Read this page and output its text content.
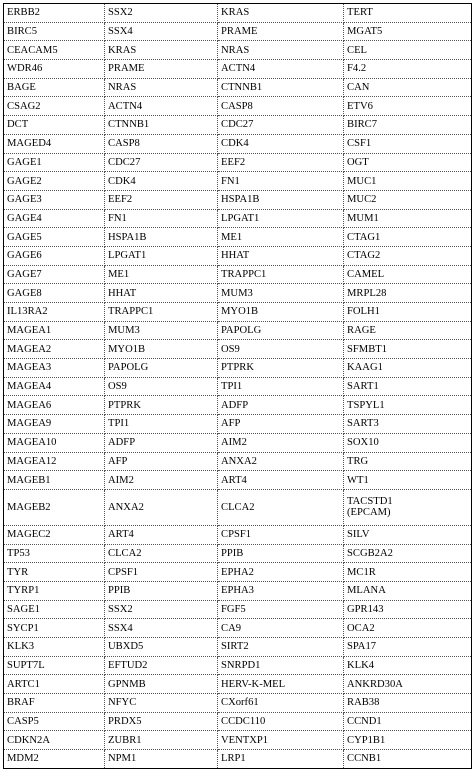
ERBB2	SSX2	KRAS	TERT
BIRC5	SSX4	PRAME	MGAT5
CEACAM5	KRAS	NRAS	CEL
WDR46	PRAME	ACTN4	F4.2
BAGE	NRAS	CTNNB1	CAN
CSAG2	ACTN4	CASP8	ETV6
DCT	CTNNB1	CDC27	BIRC7
MAGED4	CASP8	CDK4	CSF1
GAGE1	CDC27	EEF2	OGT
GAGE2	CDK4	FN1	MUC1
GAGE3	EEF2	HSPA1B	MUC2
GAGE4	FN1	LPGAT1	MUM1
GAGE5	HSPA1B	ME1	CTAG1
GAGE6	LPGAT1	HHAT	CTAG2
GAGE7	ME1	TRAPPC1	CAMEL
GAGE8	HHAT	MUM3	MRPL28
IL13RA2	TRAPPC1	MYO1B	FOLH1
MAGEA1	MUM3	PAPOLG	RAGE
MAGEA2	MYO1B	OS9	SFMBT1
MAGEA3	PAPOLG	PTPRK	KAAG1
MAGEA4	OS9	TPI1	SART1
MAGEA6	PTPRK	ADFP	TSPYL1
MAGEA9	TPI1	AFP	SART3
MAGEA10	ADFP	AIM2	SOX10
MAGEA12	AFP	ANXA2	TRG
MAGEB1	AIM2	ART4	WT1
MAGEB2	ANXA2	CLCA2	TACSTD1
(EPCAM)
MAGEC2	ART4	CPSF1	SILV
TP53	CLCA2	PPIB	SCGB2A2
TYR	CPSF1	EPHA2	MC1R
TYRP1	PPIB	EPHA3	MLANA
SAGE1	SSX2	FGF5	GPR143
SYCP1	SSX4	CA9	OCA2
KLK3	UBXD5	SIRT2	SPA17
SUPT7L	EFTUD2	SNRPD1	KLK4
ARTC1	GPNMB	HERV-K-MEL	ANKRD30A
BRAF	NFYC	CXorf61	RAB38
CASP5	PRDX5	CCDC110	CCND1
CDKN2A	ZUBR1	VENTXP1	CYP1B1
MDM2	NPM1	LRP1	CCNB1
